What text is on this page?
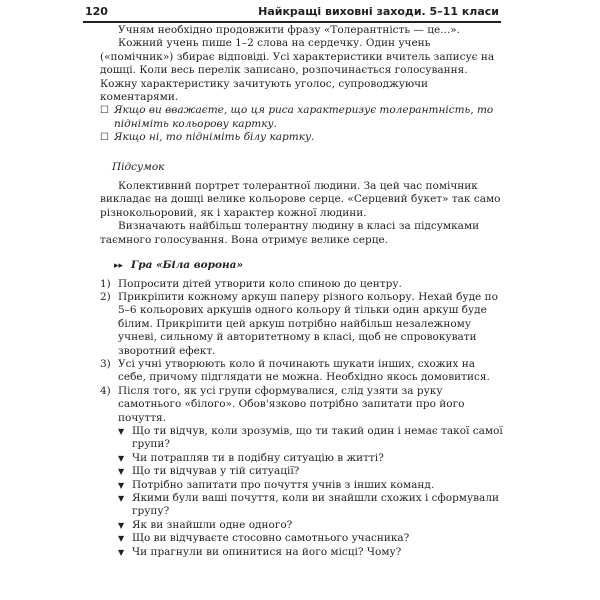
120	Найкращі виховні заходи. 5–11 класи

Учням необхідно продовжити фразу «Толерантність — це...».

Кожний учень пише 1–2 слова на сердечку. Один учень («помічник») збирає відповіді. Усі характеристики вчитель записує на дошці. Коли весь перелік записано, розпочинається голосування. Кожну характеристику зачитують уголос, супроводжуючи коментарями.

☐ Якщо ви вважаєте, що ця риса характеризує толерантність, то підніміть кольорову картку.
☐ Якщо ні, то підніміть білу картку.

Підсумок

Колективний портрет толерантної людини. За цей час помічник викладає на дошці велике кольорове серце. «Серцевий букет» так само різнокольоровий, як і характер кожної людини.

Визначають найбільш толерантну людину в класі за підсумками таємного голосування. Вона отримує велике серце.

▸▸ Гра «Біла ворона»
1) Попросити дітей утворити коло спиною до центру.
2) Прикріпити кожному аркуш паперу різного кольору. Нехай буде по 5–6 кольорових аркушів одного кольору й тільки один аркуш буде білим. Прикріпити цей аркуш потрібно найбільш незалежному учневі, сильному й авторитетному в класі, щоб не спровокувати зворотний ефект.
3) Усі учні утворюють коло й починають шукати інших, схожих на себе, причому підглядати не можна. Необхідно якось домовитися.
4) Після того, як усі групи сформувалися, слід узяти за руку самотнього «білого». Обов'язково потрібно запитати про його почуття.
▼ Що ти відчув, коли зрозумів, що ти такий один і немає такої самої групи?
▼ Чи потрапляв ти в подібну ситуацію в житті?
▼ Що ти відчував у тій ситуації?
▼ Потрібно запитати про почуття учнів з інших команд.
▼ Якими були ваші почуття, коли ви знайшли схожих і сформували групу?
▼ Як ви знайшли одне одного?
▼ Що ви відчуваєте стосовно самотнього учасника?
▼ Чи прагнули ви опинитися на його місці? Чому?
